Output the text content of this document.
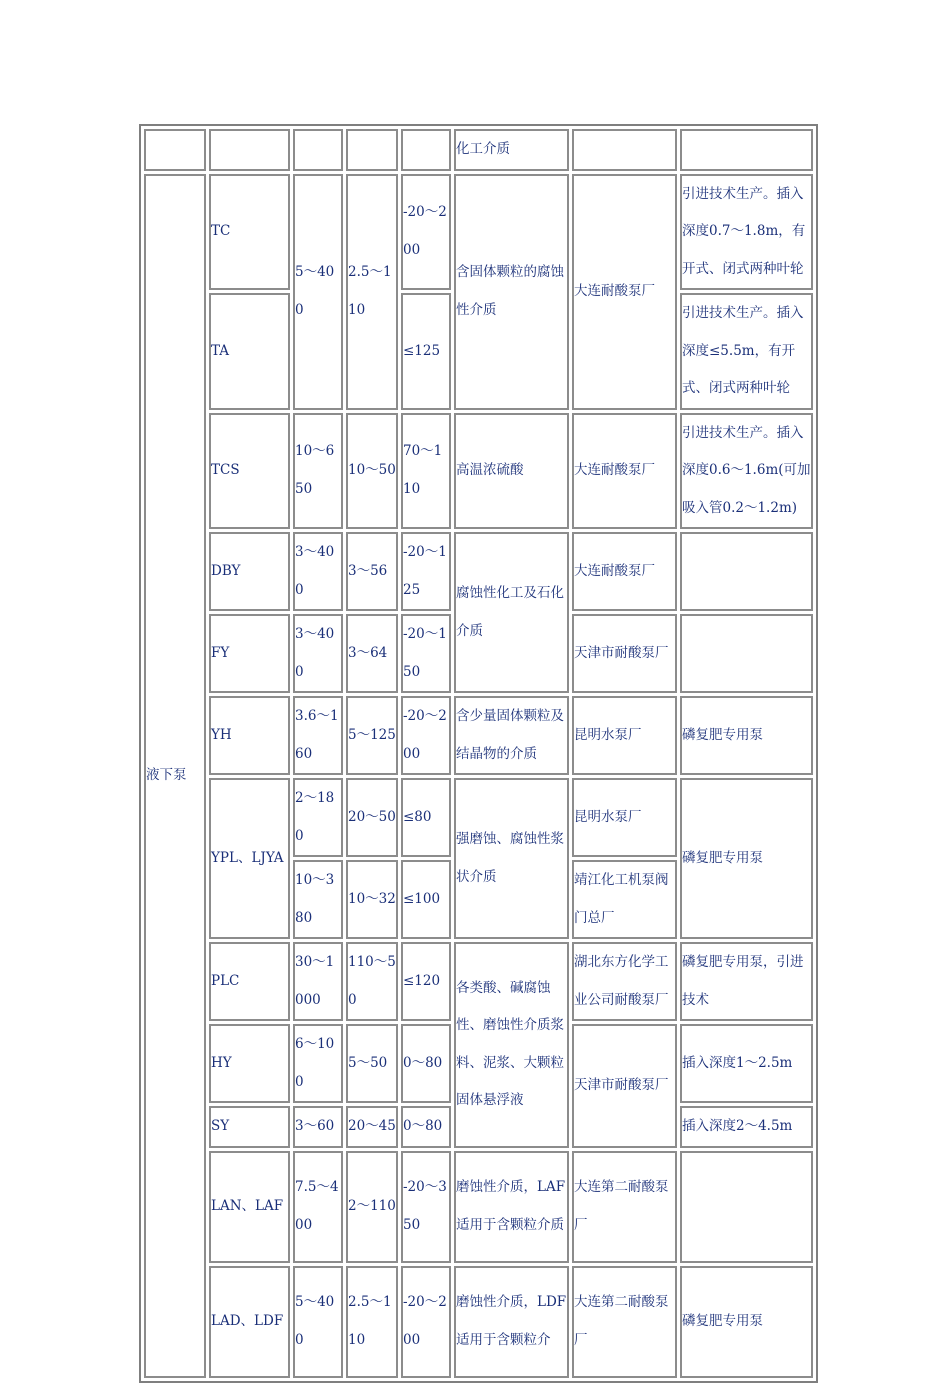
					化工介质		
液下泵	TC	5～400	2.5～110	-20～200	含固体颗粒的腐蚀性介质	大连耐酸泵厂	引进技术生产。插入深度0.7～1.8m，有开式、闭式两种叶轮
	TA			≤125			引进技术生产。插入深度≤5.5m，有开式、闭式两种叶轮
	TCS	10～650	10～50	70～110	高温浓硫酸	大连耐酸泵厂	引进技术生产。插入深度0.6～1.6m(可加吸入管0.2～1.2m)
	DBY	3～400	3～56	-20～125	腐蚀性化工及石化介质	大连耐酸泵厂	
	FY	3～400	3～64	-20～150		天津市耐酸泵厂	
	YH	3.6～160	5～125	-20～200	含少量固体颗粒及结晶物的介质	昆明水泵厂	磷复肥专用泵
	YPL、LJYA	2～180	20～50	≤80	强磨蚀、腐蚀性浆状介质	昆明水泵厂	磷复肥专用泵
		10～380	10～32	≤100		靖江化工机泵阀门总厂	
	PLC	30～1000	110～50	≤120	各类酸、碱腐蚀性、磨蚀性介质浆料、泥浆、大颗粒固体悬浮液	湖北东方化学工业公司耐酸泵厂	磷复肥专用泵，引进技术
	HY	6～100	5～50	0～80		天津市耐酸泵厂	插入深度1～2.5m
	SY	3～60	20～45	0～80			插入深度2～4.5m
	LAN、LAF	7.5～400	2～110	-20～350	磨蚀性介质，LAF适用于含颗粒介质	大连第二耐酸泵厂	
	LAD、LDF	5～400	2.5～110	-20～200	磨蚀性介质，LDF适用于含颗粒介	大连第二耐酸泵厂	磷复肥专用泵
